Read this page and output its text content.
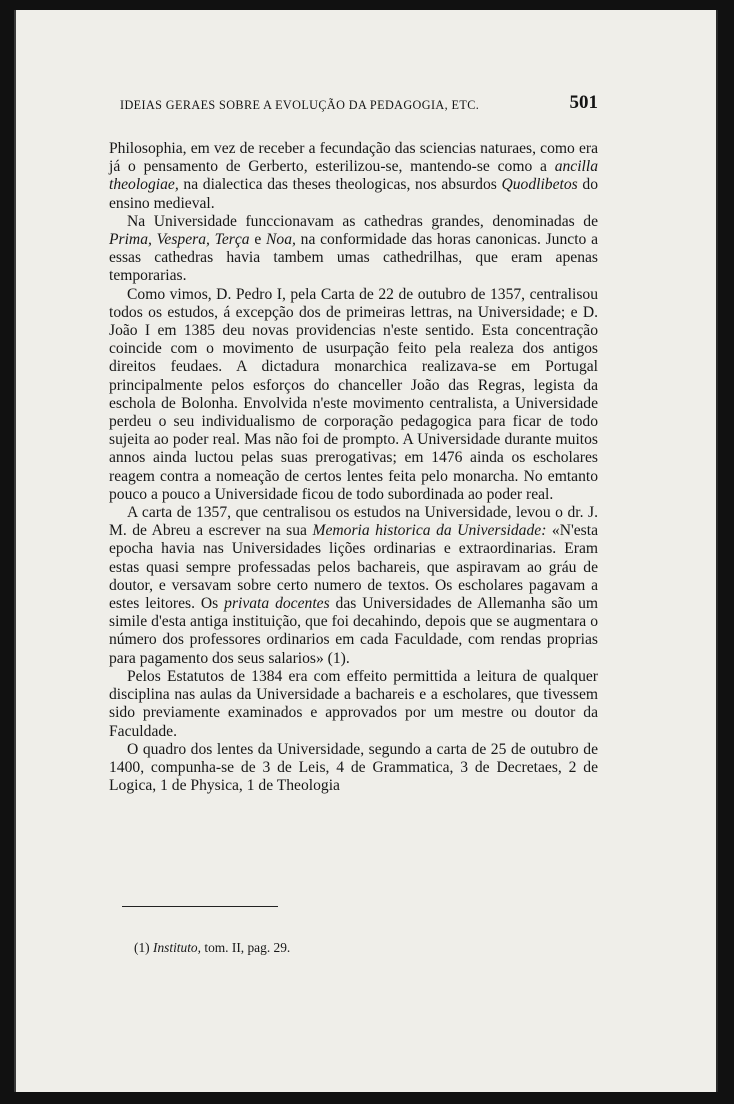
IDEIAS GERAES SOBRE A EVOLUÇÃO DA PEDAGOGIA, ETC.	501

Philosophia, em vez de receber a fecundação das sciencias naturaes, como era já o pensamento de Gerberto, esterilizou-se, mantendo-se como a ancilla theologiae, na dialectica das theses theologicas, nos absurdos Quodlibetos do ensino medieval.

Na Universidade funccionavam as cathedras grandes, denominadas de Prima, Vespera, Terça e Noa, na conformidade das horas canonicas. Juncto a essas cathedras havia tambem umas cathedrilhas, que eram apenas temporarias.

Como vimos, D. Pedro I, pela Carta de 22 de outubro de 1357, centralisou todos os estudos, á excepção dos de primeiras lettras, na Universidade; e D. João I em 1385 deu novas providencias n'este sentido. Esta concentração coincide com o movimento de usurpação feito pela realeza dos antigos direitos feudaes. A dictadura monarchica realizava-se em Portugal principalmente pelos esforços do chanceller João das Regras, legista da escholа de Bolonha. Envolvida n'este movimento centralista, a Universidade perdeu o seu individualismo de corporação pedagogica para ficar de todo sujeita ao poder real. Mas não foi de prompto. A Universidade durante muitos annos ainda luctou pelas suas prerogativas; em 1476 ainda os escholares reagem contra a nomeação de certos lentes feita pelo monarcha. No emtanto pouco a pouco a Universidade ficou de todo subordinada ao poder real.

A carta de 1357, que centralisou os estudos na Universidade, levou o dr. J. M. de Abreu a escrever na sua Memoria historica da Universidade: «N'esta epocha havia nas Universidades lições ordinarias e extraordinarias. Eram estas quasi sempre professadas pelos bachareis, que aspiravam ao gráu de doutor, e versavam sobre certo numero de textos. Os escholares pagavam a estes leitores. Os privata docentes das Universidades de Allemanha são um simile d'esta antiga instituição, que foi decahindo, depois que se augmentara o número dos professores ordinarios em cada Faculdade, com rendas proprias para pagamento dos seus salarios» (1).

Pelos Estatutos de 1384 era com effeito permittida a leitura de qualquer disciplina nas aulas da Universidade a bachareis e a escholares, que tivessem sido previamente examinados e approvados por um mestre ou doutor da Faculdade.

O quadro dos lentes da Universidade, segundo a carta de 25 de outubro de 1400, compunha-se de 3 de Leis, 4 de Grammatica, 3 de Decretaes, 2 de Logica, 1 de Physica, 1 de Theologia

(1) Instituto, tom. II, pag. 29.
